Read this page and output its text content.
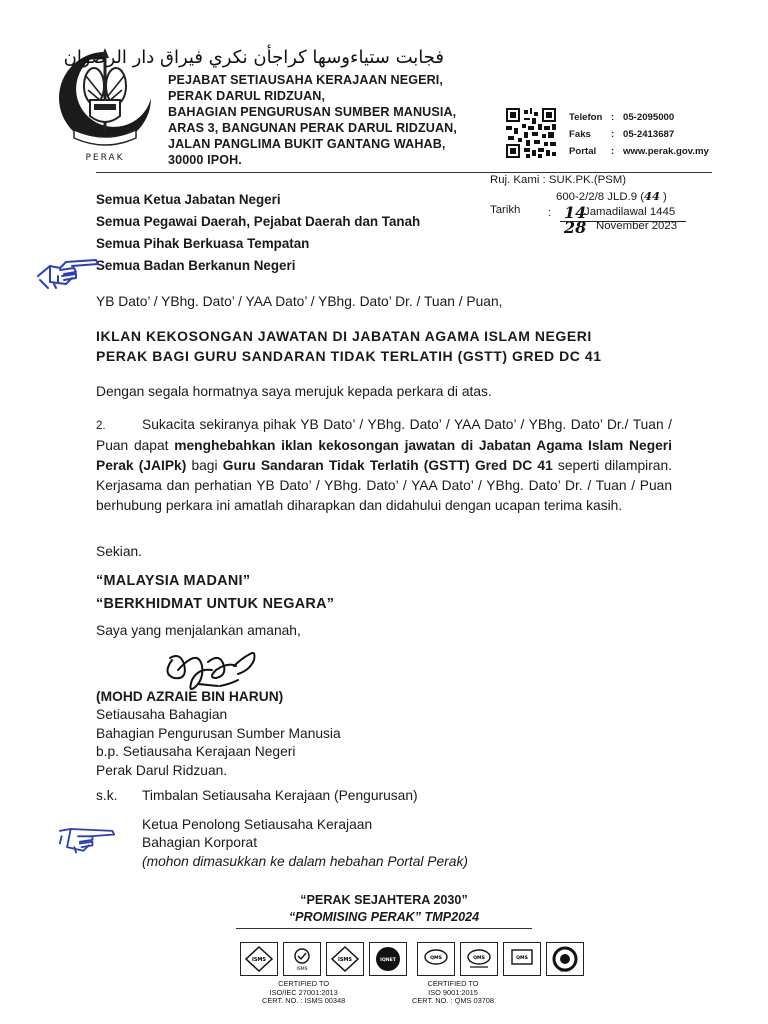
PERAK
فجابت ستياءوسها كراجأن نكري فيراق دار الرضوان
PEJABAT SETIAUSAHA KERAJAAN NEGERI,
PERAK DARUL RIDZUAN,
BAHAGIAN PENGURUSAN SUMBER MANUSIA,
ARAS 3, BANGUNAN PERAK DARUL RIDZUAN,
JALAN PANGLIMA BUKIT GANTANG WAHAB,
30000 IPOH.
Telefon : 05-2095000
Faks	: 05-2413687
Portal	: www.perak.gov.my
Ruj. Kami : SUK.PK.(PSM)
600-2/2/8 JLD.9 (44 )
Tarikh : 14
Jamadilawal 1445
28 November 2023
Semua Ketua Jabatan Negeri
Semua Pegawai Daerah, Pejabat Daerah dan Tanah
Semua Pihak Berkuasa Tempatan
Semua Badan Berkanun Negeri
YB Dato’ / YBhg. Dato’ / YAA Dato’ / YBhg. Dato’ Dr. / Tuan / Puan,
IKLAN KEKOSONGAN JAWATAN DI JABATAN AGAMA ISLAM NEGERI
PERAK BAGI GURU SANDARAN TIDAK TERLATIH (GSTT) GRED DC 41
Dengan segala hormatnya saya merujuk kepada perkara di atas.
2.	Sukacita sekiranya pihak YB Dato’ / YBhg. Dato’ / YAA Dato’ / YBhg. Dato’ Dr./ Tuan / Puan dapat menghebahkan iklan kekosongan jawatan di Jabatan Agama Islam Negeri Perak (JAIPk) bagi Guru Sandaran Tidak Terlatih (GSTT) Gred DC 41 seperti dilampiran. Kerjasama dan perhatian YB Dato’ / YBhg. Dato’ / YAA Dato’ / YBhg. Dato’ Dr. / Tuan / Puan berhubung perkara ini amatlah diharapkan dan didahului dengan ucapan terima kasih.
Sekian.
“MALAYSIA MADANI”
“BERKHIDMAT UNTUK NEGARA”
Saya yang menjalankan amanah,
(MOHD AZRAIE BIN HARUN)
Setiausaha Bahagian
Bahagian Pengurusan Sumber Manusia
b.p. Setiausaha Kerajaan Negeri
Perak Darul Ridzuan.
s.k. Timbalan Setiausaha Kerajaan (Pengurusan)
Ketua Penolong Setiausaha Kerajaan
Bahagian Korporat
(mohon dimasukkan ke dalam hebahan Portal Perak)
“PERAK SEJAHTERA 2030”
“PROMISING PERAK” TMP2024
ISMS
ISMS
ISMS	IQNET	QMS	QMS	QMS
IQNET
CERTIFIED TO
ISO/IEC 27001:2013
CERT. NO. : ISMS 00348
CERTIFIED TO
ISO 9001:2015
CERT. NO. : QMS 03708
